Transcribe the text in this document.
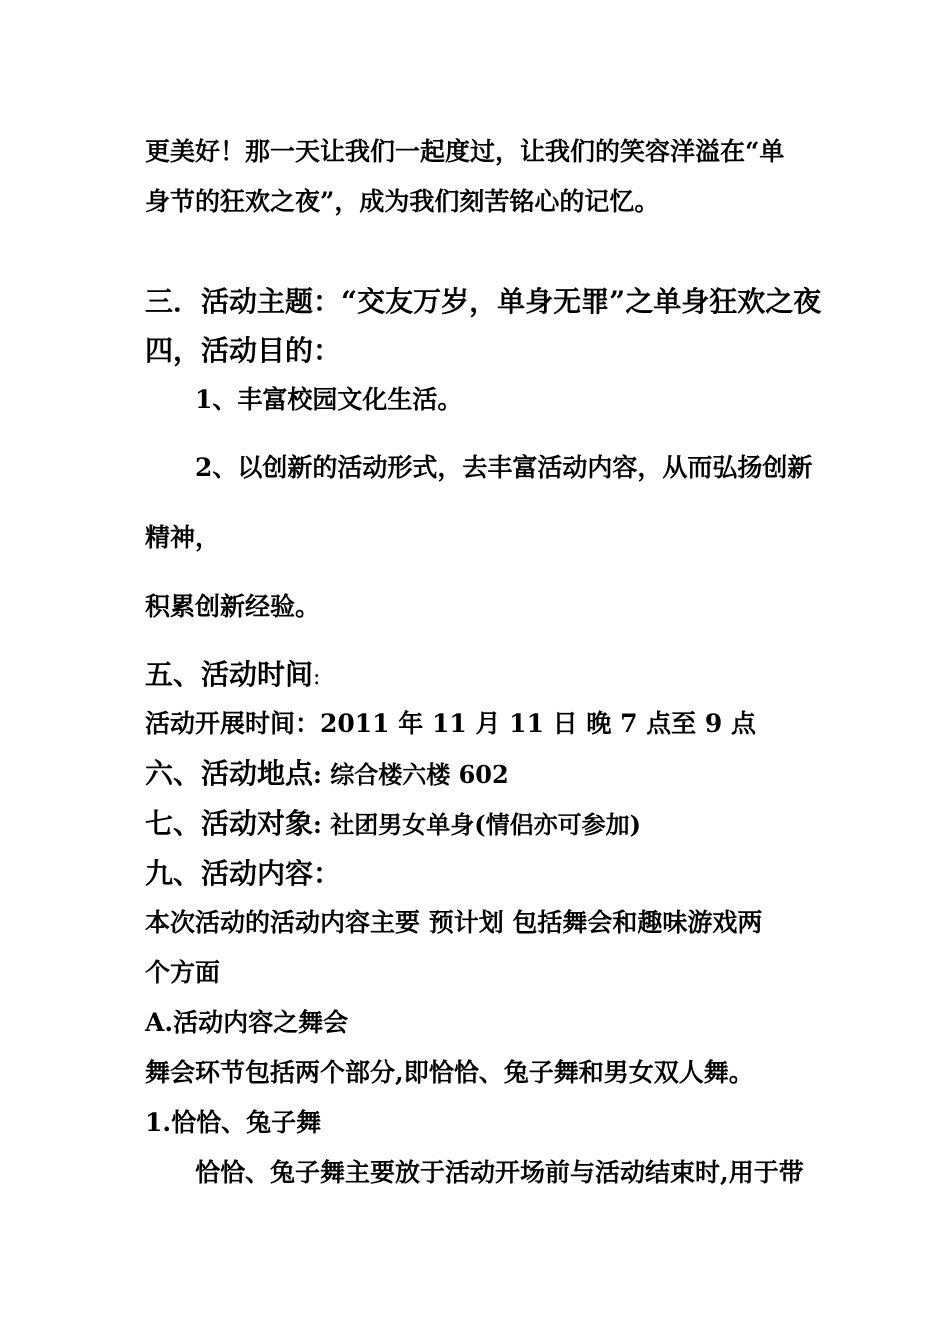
更美好！那一天让我们一起度过，让我们的笑容洋溢在“单
身节的狂欢之夜”，成为我们刻苦铭心的记忆。
三．活动主题：“交友万岁，单身无罪”之单身狂欢之夜
四，活动目的：
1、丰富校园文化生活。
2、以创新的活动形式，去丰富活动内容，从而弘扬创新
精神，
积累创新经验。
五、活动时间:
活动开展时间：2011 年 11 月 11 日 晚 7 点至 9 点
六、活动地点: 综合楼六楼 602
七、活动对象: 社团男女单身(情侣亦可参加)
九、活动内容：
本次活动的活动内容主要 预计划 包括舞会和趣味游戏两
个方面
A.活动内容之舞会
舞会环节包括两个部分,即恰恰、兔子舞和男女双人舞。
1.恰恰、兔子舞
恰恰、兔子舞主要放于活动开场前与活动结束时,用于带
